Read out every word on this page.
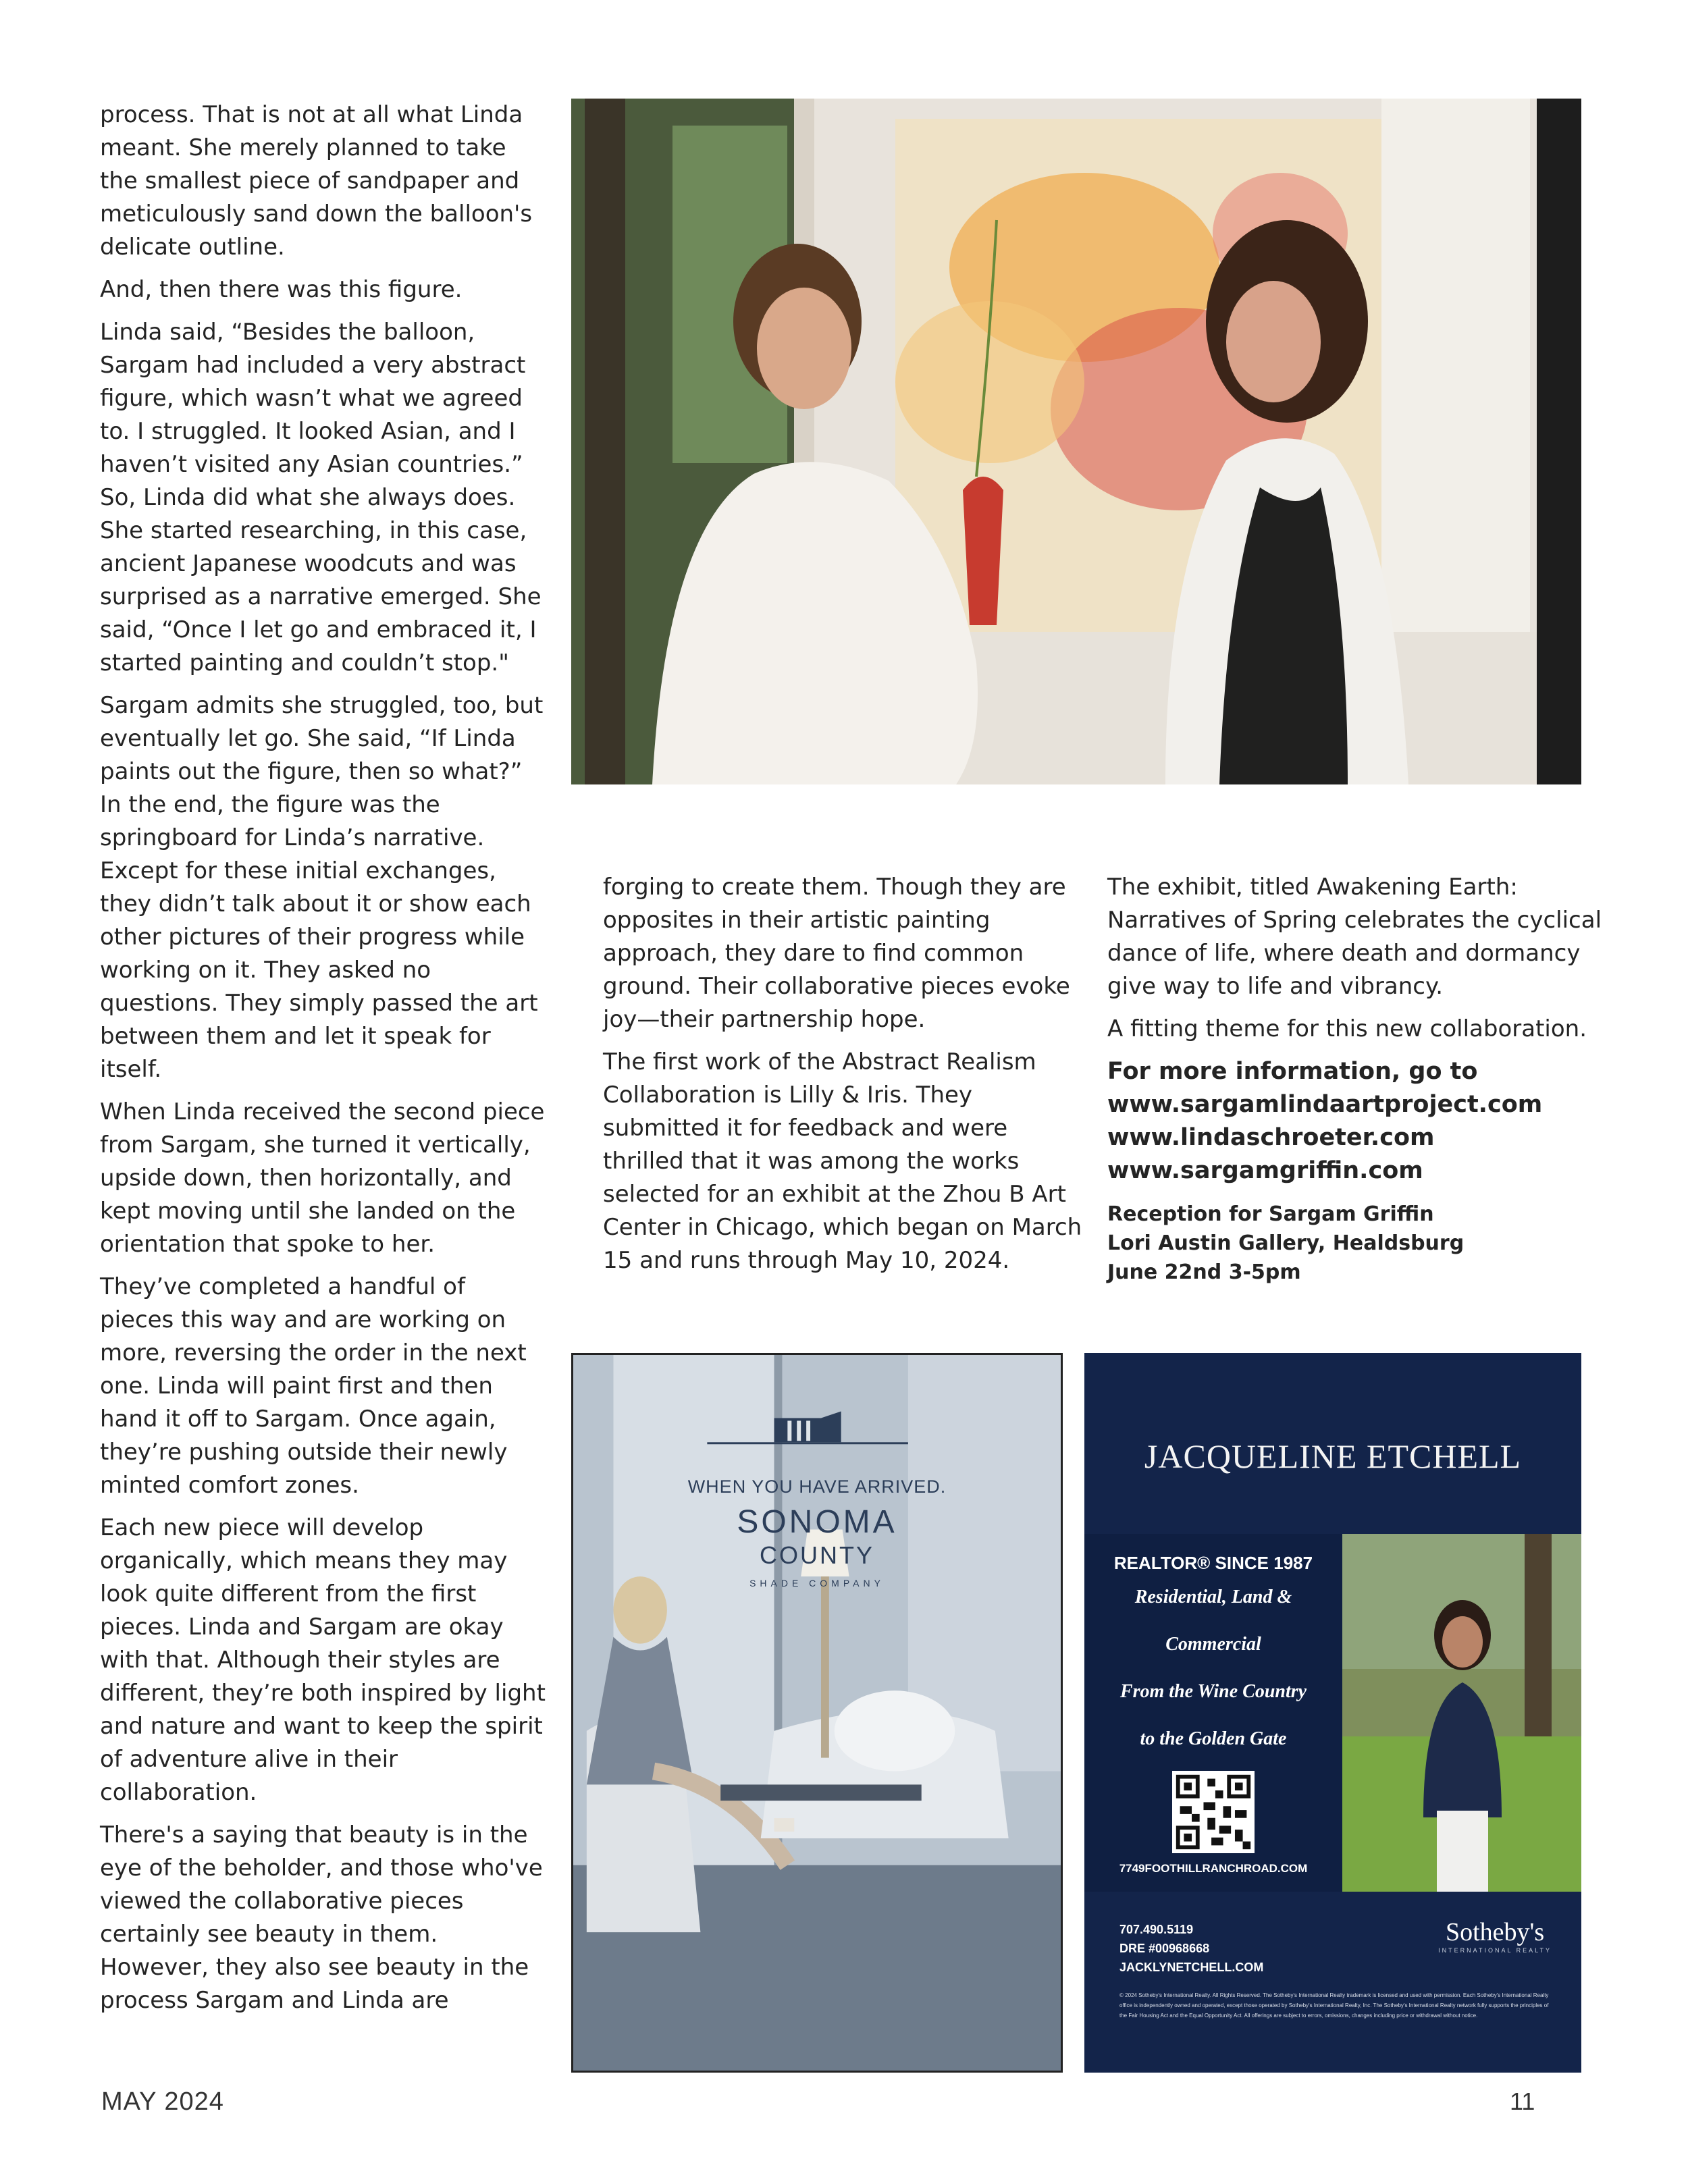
process. That is not at all what Linda meant. She merely planned to take the smallest piece of sandpaper and meticulously sand down the balloon's delicate outline.

And, then there was this figure.

Linda said, “Besides the balloon, Sargam had included a very abstract figure, which wasn’t what we agreed to. I struggled. It looked Asian, and I haven’t visited any Asian countries.” So, Linda did what she always does. She started researching, in this case, ancient Japanese woodcuts and was surprised as a narrative emerged. She said, “Once I let go and embraced it, I started painting and couldn’t stop."

Sargam admits she struggled, too, but eventually let go. She said, “If Linda paints out the figure, then so what?” In the end, the figure was the springboard for Linda’s narrative. Except for these initial exchanges, they didn’t talk about it or show each other pictures of their progress while working on it. They asked no questions. They simply passed the art between them and let it speak for itself.

When Linda received the second piece from Sargam, she turned it vertically, upside down, then horizontally, and kept moving until she landed on the orientation that spoke to her.

They’ve completed a handful of pieces this way and are working on more, reversing the order in the next one. Linda will paint first and then hand it off to Sargam. Once again, they’re pushing outside their newly minted comfort zones.

Each new piece will develop organically, which means they may look quite different from the first pieces. Linda and Sargam are okay with that. Although their styles are different, they’re both inspired by light and nature and want to keep the spirit of adventure alive in their collaboration.

There's a saying that beauty is in the eye of the beholder, and those who've viewed the collaborative pieces certainly see beauty in them. However, they also see beauty in the process Sargam and Linda are

forging to create them. Though they are opposites in their artistic painting approach, they dare to find common ground. Their collaborative pieces evoke joy—their partnership hope.

The first work of the Abstract Realism Collaboration is Lilly & Iris. They submitted it for feedback and were thrilled that it was among the works selected for an exhibit at the Zhou B Art Center in Chicago, which began on March 15 and runs through May 10, 2024.

The exhibit, titled Awakening Earth: Narratives of Spring celebrates the cyclical dance of life, where death and dormancy give way to life and vibrancy.

A fitting theme for this new collaboration.

For more information, go to
www.sargamlindaartproject.com
www.lindaschroeter.com
www.sargamgriffin.com
Reception for Sargam Griffin
Lori Austin Gallery, Healdsburg
June 22nd 3-5pm
WHEN YOU HAVE ARRIVED.
SONOMA
COUNTY
SHADE COMPANY
JACQUELINE ETCHELL
REALTOR® SINCE 1987
Residential, Land &
Commercial
From the Wine Country
to the Golden Gate
7749FOOTHILLRANCHROAD.COM
707.490.5119
DRE #00968668
JACKLYNETCHELL.COM
Sotheby's
INTERNATIONAL REALTY
© 2024 Sotheby's International Realty. All Rights Reserved. The Sotheby's International Realty trademark is licensed and used with permission. Each Sotheby's International Realty office is independently owned and operated, except those operated by Sotheby's International Realty, Inc. The Sotheby's International Realty network fully supports the principles of the Fair Housing Act and the Equal Opportunity Act. All offerings are subject to errors, omissions, changes including price or withdrawal without notice.
MAY 2024	11
